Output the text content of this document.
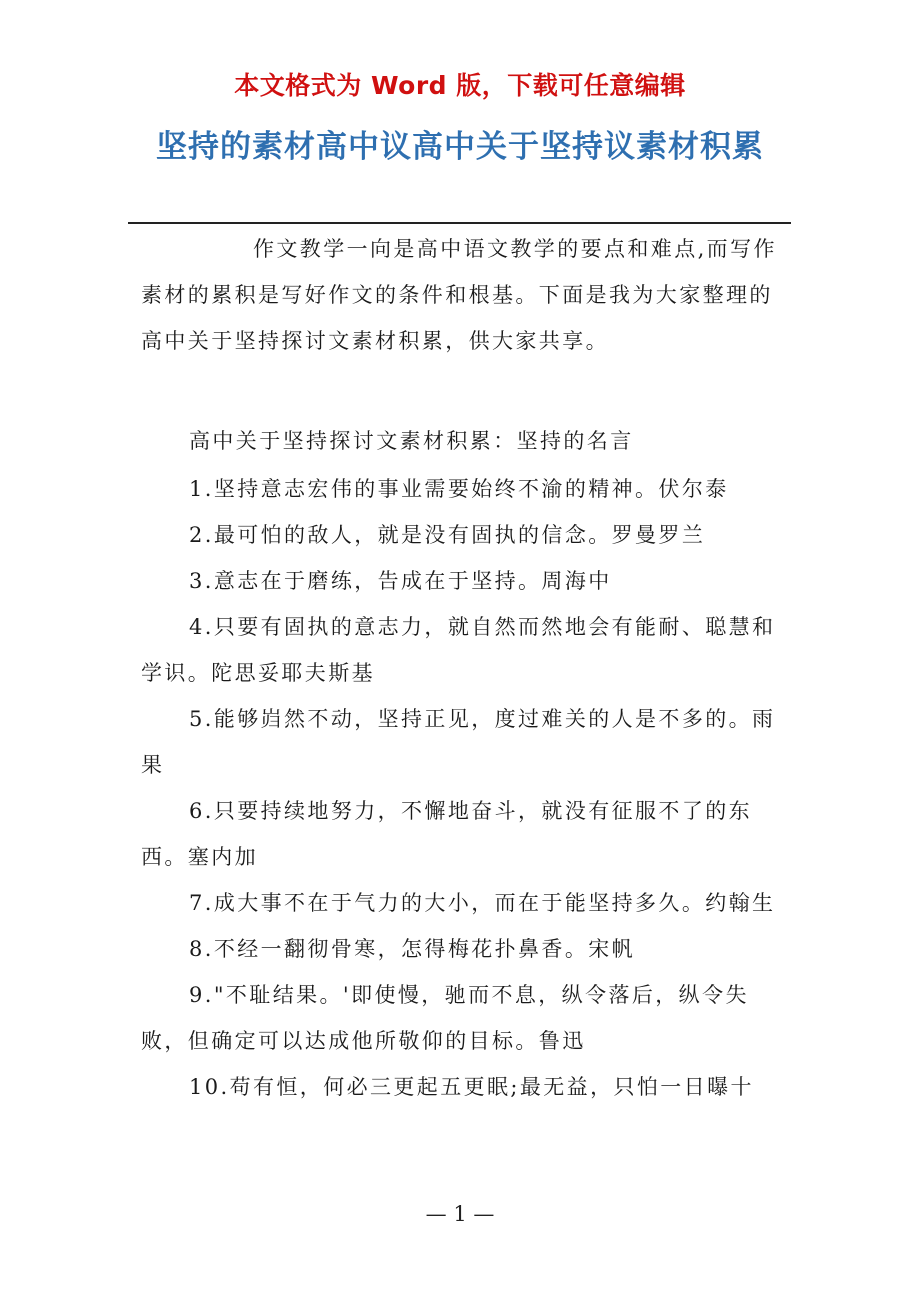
本文格式为 Word 版，下载可任意编辑
坚持的素材高中议高中关于坚持议素材积累
作文教学一向是高中语文教学的要点和难点,而写作素材的累积是写好作文的条件和根基。下面是我为大家整理的高中关于坚持探讨文素材积累，供大家共享。
高中关于坚持探讨文素材积累：坚持的名言

1.坚持意志宏伟的事业需要始终不渝的精神。伏尔泰

2.最可怕的敌人，就是没有固执的信念。罗曼罗兰

3.意志在于磨练，告成在于坚持。周海中

4.只要有固执的意志力，就自然而然地会有能耐、聪慧和学识。陀思妥耶夫斯基

5.能够岿然不动，坚持正见，度过难关的人是不多的。雨果

6.只要持续地努力，不懈地奋斗，就没有征服不了的东西。塞内加

7.成大事不在于气力的大小，而在于能坚持多久。约翰生

8.不经一翻彻骨寒，怎得梅花扑鼻香。宋帆

9."不耻结果。'即使慢，驰而不息，纵令落后，纵令失败，但确定可以达成他所敬仰的目标。鲁迅

10.苟有恒，何必三更起五更眠;最无益，只怕一日曝十

— 1 —
